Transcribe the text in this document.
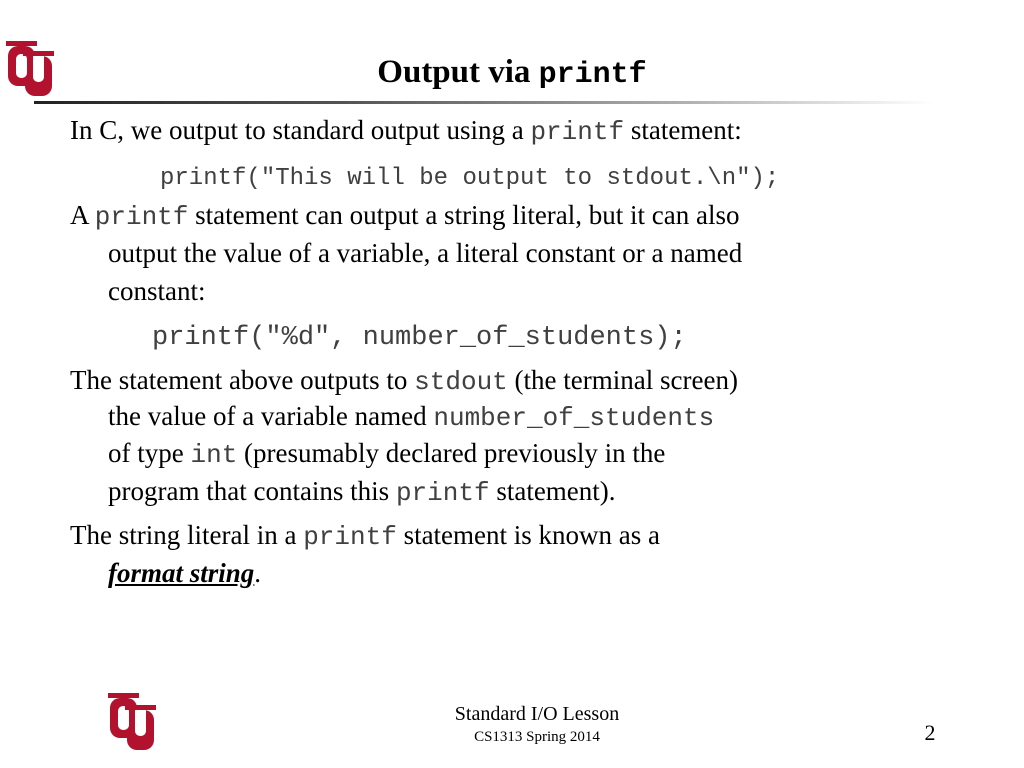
Output via printf
In C, we output to standard output using a printf statement:
printf("This will be output to stdout.\n");
A printf statement can output a string literal, but it can also
output the value of a variable, a literal constant or a named
constant:
printf("%d", number_of_students);
The statement above outputs to stdout (the terminal screen)
the value of a variable named number_of_students
of type int (presumably declared previously in the
program that contains this printf statement).
The string literal in a printf statement is known as a
format string.
Standard I/O Lesson
CS1313 Spring 2014	2
